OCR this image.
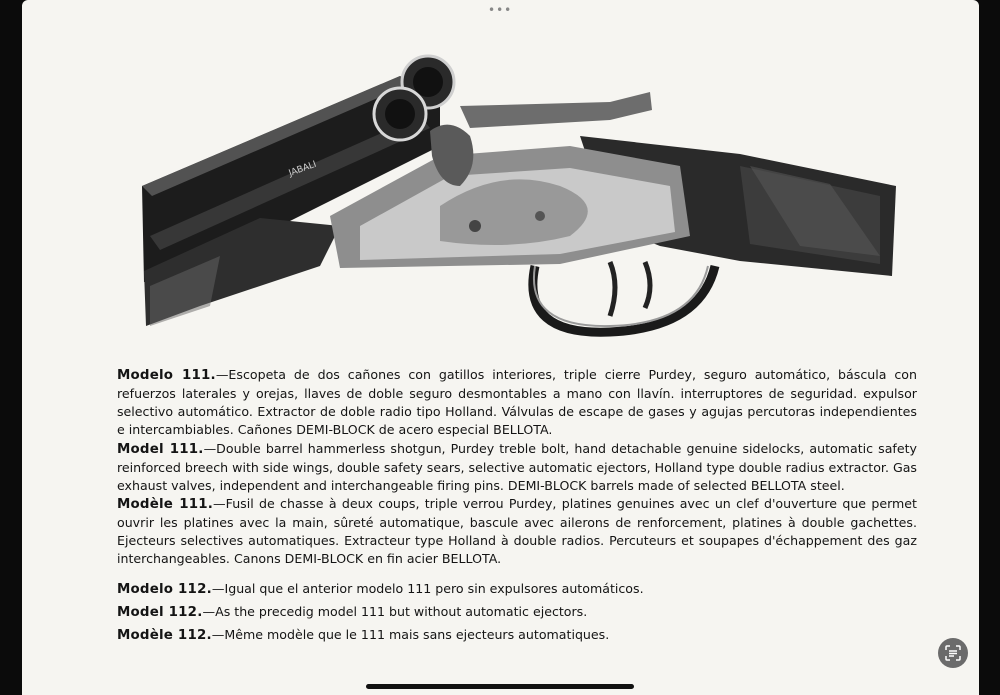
•••
JABALI
Modelo 111.—Escopeta de dos cañones con gatillos interiores, triple cierre Purdey, seguro automático, báscula con refuerzos laterales y orejas, llaves de doble seguro desmontables a mano con llavín. interruptores de seguridad. expulsor selectivo automático. Extractor de doble radio tipo Holland. Válvulas de escape de gases y agujas percutoras independientes e intercambiables. Cañones DEMI-BLOCK de acero especial BELLOTA.
Model 111.—Double barrel hammerless shotgun, Purdey treble bolt, hand detachable genuine sidelocks, automatic safety reinforced breech with side wings, double safety sears, selective automatic ejectors, Holland type double radius extractor. Gas exhaust valves, independent and interchangeable firing pins. DEMI-BLOCK barrels made of selected BELLOTA steel.
Modèle 111.—Fusil de chasse à deux coups, triple verrou Purdey, platines genuines avec un clef d'ouverture que permet ouvrir les platines avec la main, sûreté automatique, bascule avec ailerons de renforcement, platines à double gachettes. Ejecteurs selectives automatiques. Extracteur type Holland à double radios. Percuteurs et soupapes d'échappement des gaz interchangeables. Canons DEMI-BLOCK en fin acier BELLOTA.
Modelo 112.—Igual que el anterior modelo 111 pero sin expulsores automáticos.
Model 112.—As the precedig model 111 but without automatic ejectors.
Modèle 112.—Même modèle que le 111 mais sans ejecteurs automatiques.
